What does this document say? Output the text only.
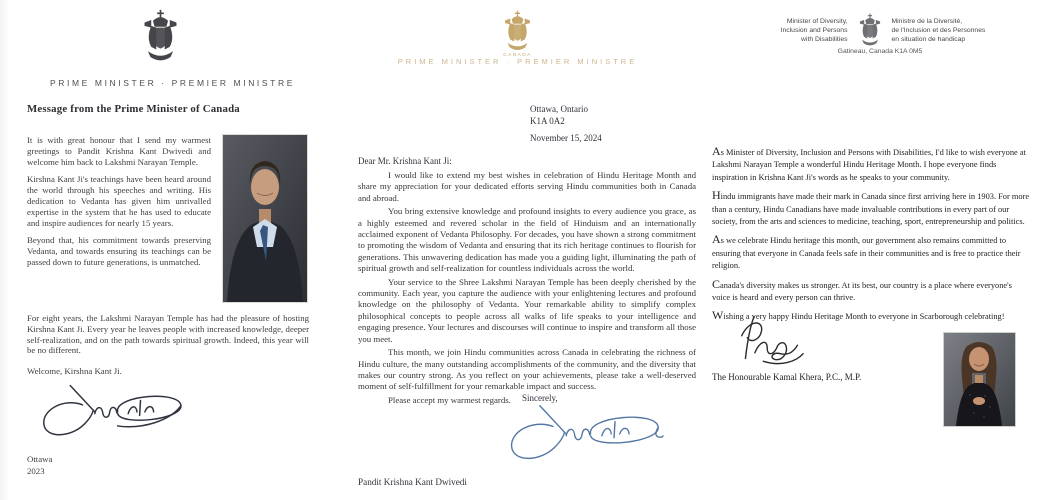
PRIME MINISTER · PREMIER MINISTRE
Message from the Prime Minister of Canada

It is with great honour that I send my warmest greetings to Pandit Krishna Kant Dwivedi and welcome him back to Lakshmi Narayan Temple.

Kirshna Kant Ji's teachings have been heard around the world through his speeches and writing. His dedication to Vedanta has given him unrivalled expertise in the system that he has used to educate and inspire audiences for nearly 15 years.

Beyond that, his commitment towards preserving Vedanta, and towards ensuring its teachings can be passed down to future generations, is unmatched.

For eight years, the Lakshmi Narayan Temple has had the pleasure of hosting Kirshna Kant Ji. Every year he leaves people with increased knowledge, deeper self-realization, and on the path towards spiritual growth. Indeed, this year will be no different.

Welcome, Kirshna Kant Ji.
Ottawa
2023
CANADA
PRIME MINISTER · PREMIER MINISTRE
Ottawa, Ontario
K1A 0A2
November 15, 2024
Dear Mr. Krishna Kant Ji:

I would like to extend my best wishes in celebration of Hindu Heritage Month and share my appreciation for your dedicated efforts serving Hindu communities both in Canada and abroad.

You bring extensive knowledge and profound insights to every audience you grace, as a highly esteemed and revered scholar in the field of Hinduism and an internationally acclaimed exponent of Vedanta Philosophy. For decades, you have shown a strong commitment to promoting the wisdom of Vedanta and ensuring that its rich heritage continues to flourish for generations. This unwavering dedication has made you a guiding light, illuminating the path of spiritual growth and self-realization for countless individuals across the world.

Your service to the Shree Lakshmi Narayan Temple has been deeply cherished by the community. Each year, you capture the audience with your enlightening lectures and profound knowledge on the philosophy of Vedanta. Your remarkable ability to simplify complex philosophical concepts to people across all walks of life speaks to your intelligence and engaging presence. Your lectures and discourses will continue to inspire and transform all those you meet.

This month, we join Hindu communities across Canada in celebrating the richness of Hindu culture, the many outstanding accomplishments of the community, and the diversity that makes our country strong. As you reflect on your achievements, please take a well-deserved moment of self-fulfillment for your remarkable impact and success.

Please accept my warmest regards.	Sincerely,
Pandit Krishna Kant Dwivedi
Minister of Diversity,
Inclusion and Persons
with Disabilities
Ministre de la Diversité,
de l'Inclusion et des Personnes
en situation de handicap
Gatineau, Canada K1A 0M5

As Minister of Diversity, Inclusion and Persons with Disabilities, I'd like to wish everyone at Lakshmi Narayan Temple a wonderful Hindu Heritage Month. I hope everyone finds inspiration in Krishna Kant Ji's words as he speaks to your community.

Hindu immigrants have made their mark in Canada since first arriving here in 1903. For more than a century, Hindu Canadians have made invaluable contributions in every part of our society, from the arts and sciences to medicine, teaching, sport, entrepreneurship and politics.

As we celebrate Hindu heritage this month, our government also remains committed to ensuring that everyone in Canada feels safe in their communities and is free to practice their religion.

Canada's diversity makes us stronger. At its best, our country is a place where everyone's voice is heard and every person can thrive.

Wishing a very happy Hindu Heritage Month to everyone in Scarborough celebrating!

The Honourable Kamal Khera, P.C., M.P.
